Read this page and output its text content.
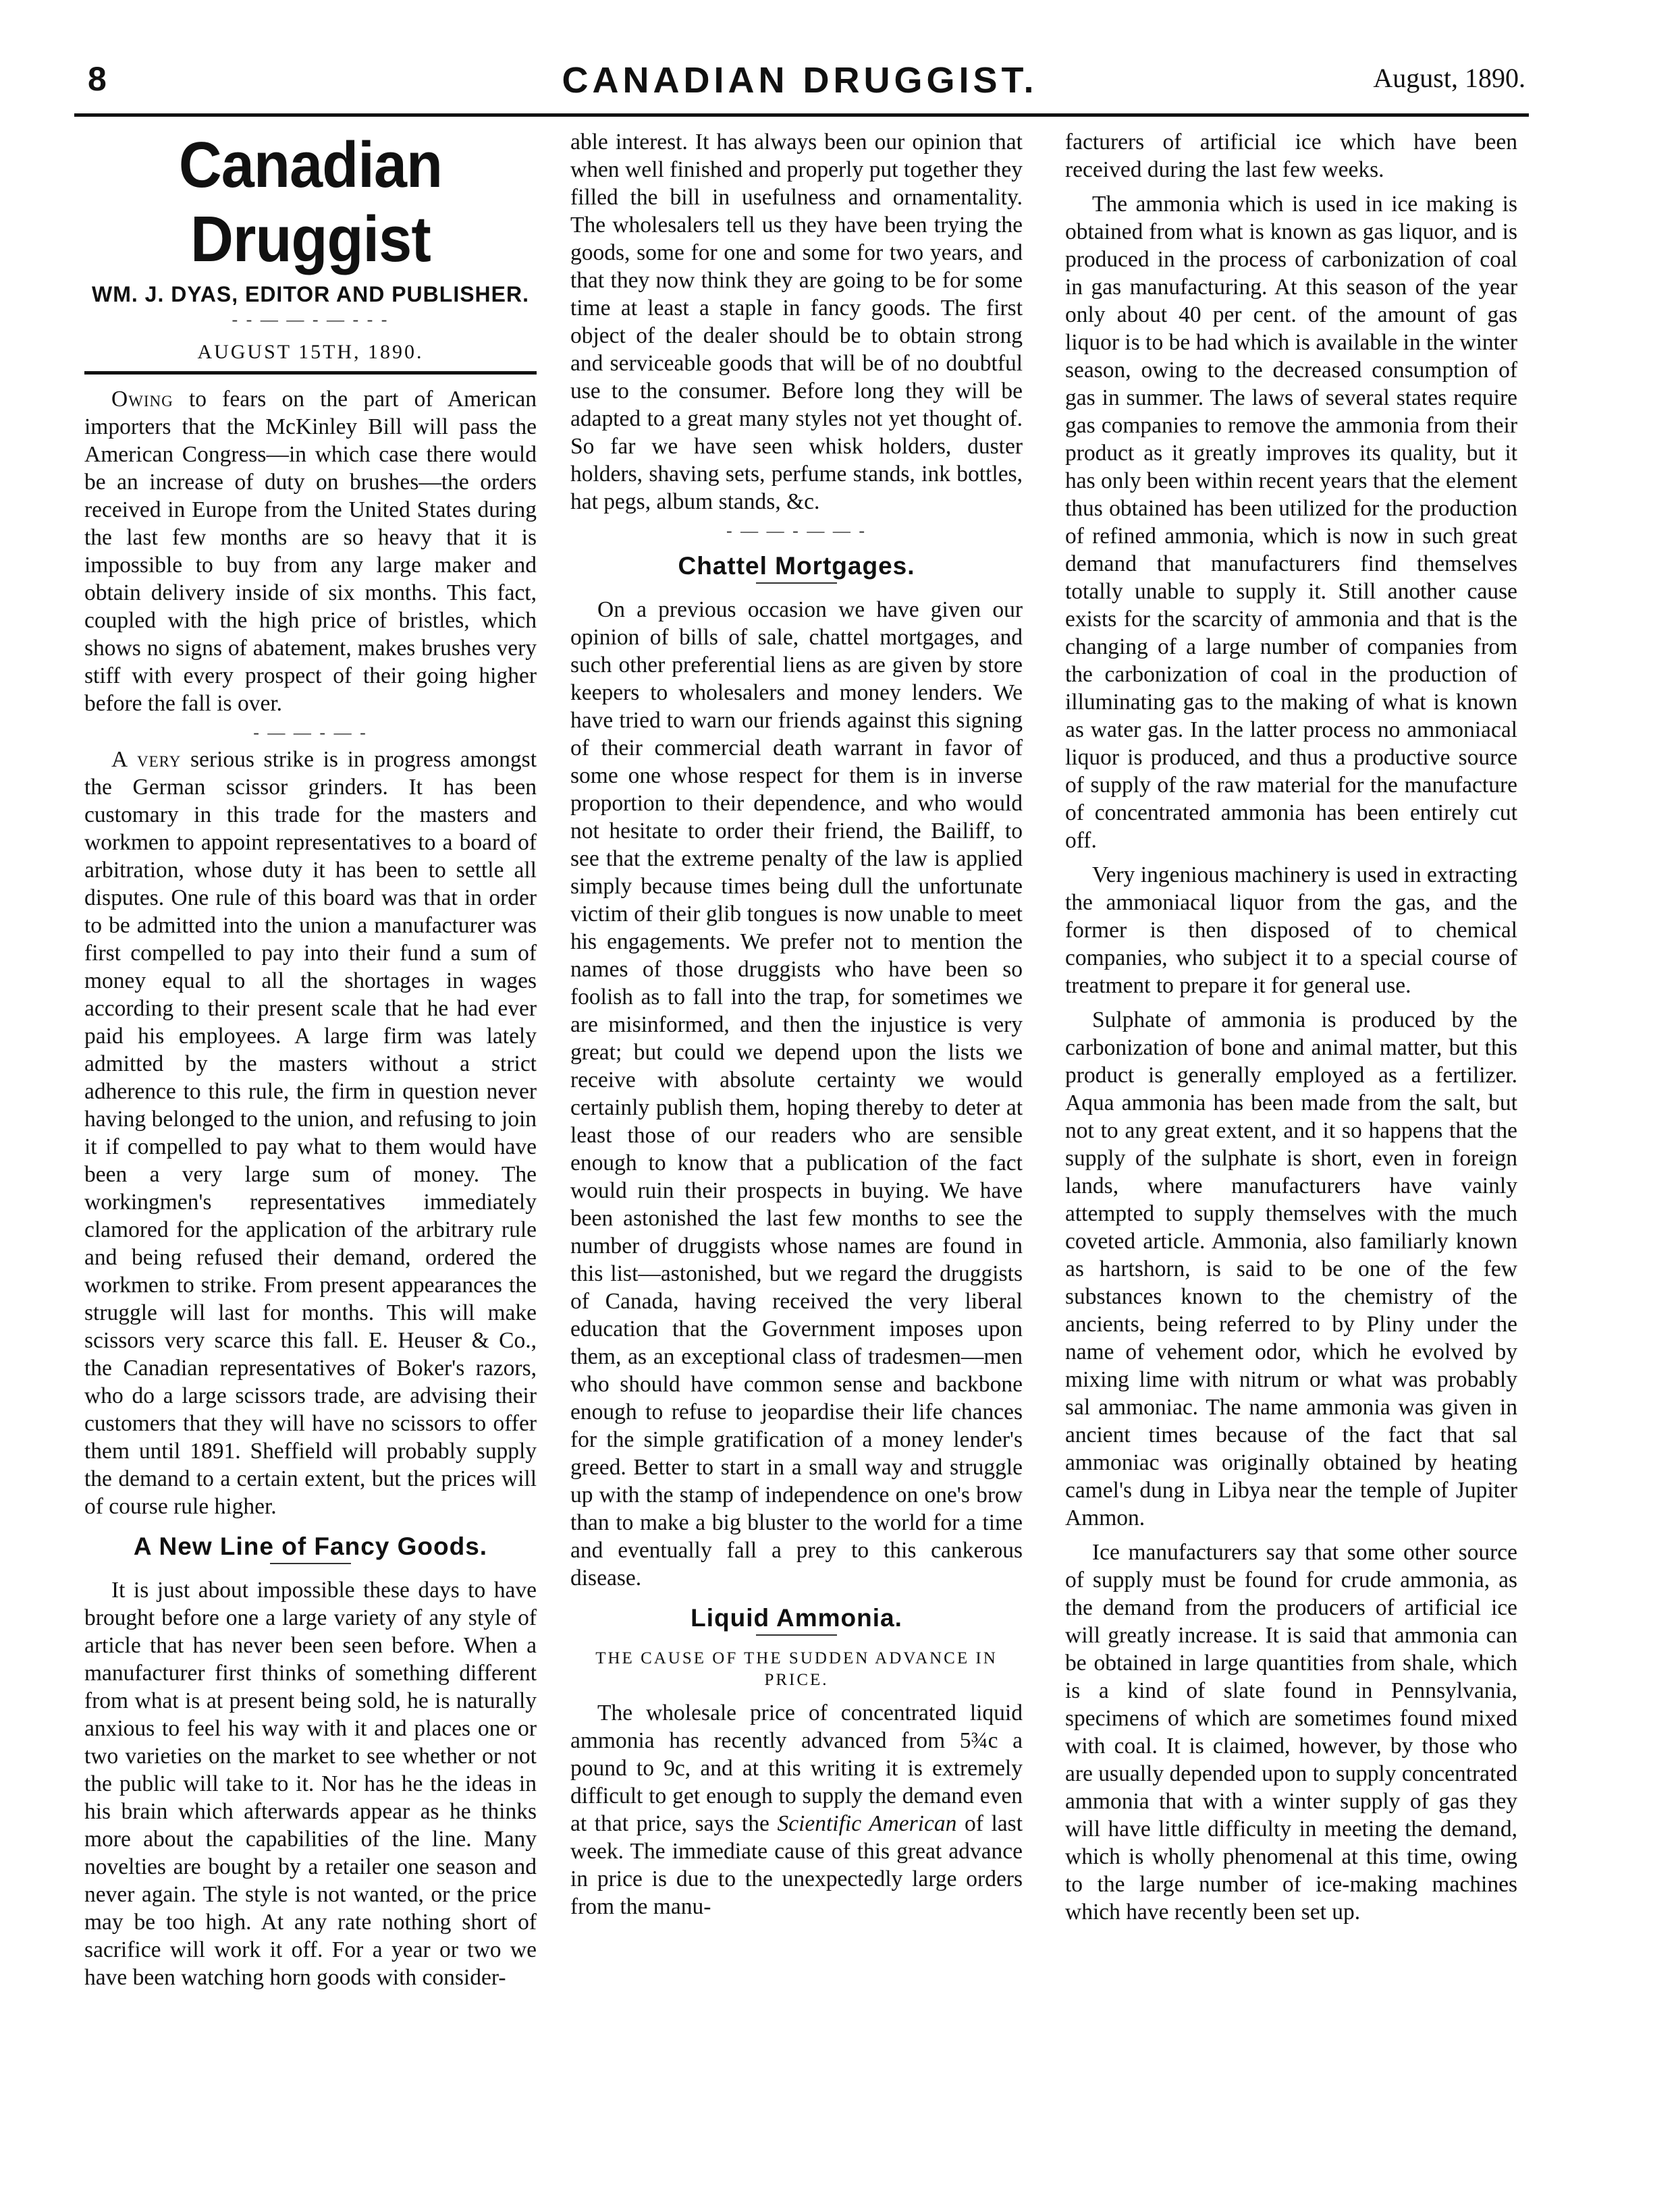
8	CANADIAN DRUGGIST.	August, 1890.
Canadian Druggist
WM. J. DYAS, EDITOR AND PUBLISHER.
- - — — - — - - -
AUGUST 15TH, 1890.

Owing to fears on the part of American importers that the McKinley Bill will pass the American Congress—in which case there would be an increase of duty on brushes—the orders received in Europe from the United States during the last few months are so heavy that it is impossible to buy from any large maker and obtain delivery inside of six months. This fact, coupled with the high price of bristles, which shows no signs of abatement, makes brushes very stiff with every prospect of their going higher before the fall is over.

- — — - — -

A very serious strike is in progress amongst the German scissor grinders. It has been customary in this trade for the masters and workmen to appoint representatives to a board of arbitration, whose duty it has been to settle all disputes. One rule of this board was that in order to be admitted into the union a manufacturer was first compelled to pay into their fund a sum of money equal to all the shortages in wages according to their present scale that he had ever paid his employees. A large firm was lately admitted by the masters without a strict adherence to this rule, the firm in question never having belonged to the union, and refusing to join it if compelled to pay what to them would have been a very large sum of money. The workingmen's representatives immediately clamored for the application of the arbitrary rule and being refused their demand, ordered the workmen to strike. From present appearances the struggle will last for months. This will make scissors very scarce this fall. E. Heuser & Co., the Canadian representatives of Boker's razors, who do a large scissors trade, are advising their customers that they will have no scissors to offer them until 1891. Sheffield will probably supply the demand to a certain extent, but the prices will of course rule higher.

A New Line of Fancy Goods.

It is just about impossible these days to have brought before one a large variety of any style of article that has never been seen before. When a manufacturer first thinks of something different from what is at present being sold, he is naturally anxious to feel his way with it and places one or two varieties on the market to see whether or not the public will take to it. Nor has he the ideas in his brain which afterwards appear as he thinks more about the capabilities of the line. Many novelties are bought by a retailer one season and never again. The style is not wanted, or the price may be too high. At any rate nothing short of sacrifice will work it off. For a year or two we have been watching horn goods with consider-

able interest. It has always been our opinion that when well finished and properly put together they filled the bill in usefulness and ornamentality. The wholesalers tell us they have been trying the goods, some for one and some for two years, and that they now think they are going to be for some time at least a staple in fancy goods. The first object of the dealer should be to obtain strong and serviceable goods that will be of no doubtful use to the consumer. Before long they will be adapted to a great many styles not yet thought of. So far we have seen whisk holders, duster holders, shaving sets, perfume stands, ink bottles, hat pegs, album stands, &c.

- — — - — — -
Chattel Mortgages.

On a previous occasion we have given our opinion of bills of sale, chattel mortgages, and such other preferential liens as are given by store keepers to wholesalers and money lenders. We have tried to warn our friends against this signing of their commercial death warrant in favor of some one whose respect for them is in inverse proportion to their dependence, and who would not hesitate to order their friend, the Bailiff, to see that the extreme penalty of the law is applied simply because times being dull the unfortunate victim of their glib tongues is now unable to meet his engagements. We prefer not to mention the names of those druggists who have been so foolish as to fall into the trap, for sometimes we are misinformed, and then the injustice is very great; but could we depend upon the lists we receive with absolute certainty we would certainly publish them, hoping thereby to deter at least those of our readers who are sensible enough to know that a publication of the fact would ruin their prospects in buying. We have been astonished the last few months to see the number of druggists whose names are found in this list—astonished, but we regard the druggists of Canada, having received the very liberal education that the Government imposes upon them, as an exceptional class of tradesmen—men who should have common sense and backbone enough to refuse to jeopardise their life chances for the simple gratification of a money lender's greed. Better to start in a small way and struggle up with the stamp of independence on one's brow than to make a big bluster to the world for a time and eventually fall a prey to this cankerous disease.

Liquid Ammonia.
THE CAUSE OF THE SUDDEN ADVANCE IN PRICE.

The wholesale price of concentrated liquid ammonia has recently advanced from 5¾c a pound to 9c, and at this writing it is extremely difficult to get enough to supply the demand even at that price, says the Scientific American of last week. The immediate cause of this great advance in price is due to the unexpectedly large orders from the manu-

facturers of artificial ice which have been received during the last few weeks.

The ammonia which is used in ice making is obtained from what is known as gas liquor, and is produced in the process of carbonization of coal in gas manufacturing. At this season of the year only about 40 per cent. of the amount of gas liquor is to be had which is available in the winter season, owing to the decreased consumption of gas in summer. The laws of several states require gas companies to remove the ammonia from their product as it greatly improves its quality, but it has only been within recent years that the element thus obtained has been utilized for the production of refined ammonia, which is now in such great demand that manufacturers find themselves totally unable to supply it. Still another cause exists for the scarcity of ammonia and that is the changing of a large number of companies from the carbonization of coal in the production of illuminating gas to the making of what is known as water gas. In the latter process no ammoniacal liquor is produced, and thus a productive source of supply of the raw material for the manufacture of concentrated ammonia has been entirely cut off.

Very ingenious machinery is used in extracting the ammoniacal liquor from the gas, and the former is then disposed of to chemical companies, who subject it to a special course of treatment to prepare it for general use.

Sulphate of ammonia is produced by the carbonization of bone and animal matter, but this product is generally employed as a fertilizer. Aqua ammonia has been made from the salt, but not to any great extent, and it so happens that the supply of the sulphate is short, even in foreign lands, where manufacturers have vainly attempted to supply themselves with the much coveted article. Ammonia, also familiarly known as hartshorn, is said to be one of the few substances known to the chemistry of the ancients, being referred to by Pliny under the name of vehement odor, which he evolved by mixing lime with nitrum or what was probably sal ammoniac. The name ammonia was given in ancient times because of the fact that sal ammoniac was originally obtained by heating camel's dung in Libya near the temple of Jupiter Ammon.

Ice manufacturers say that some other source of supply must be found for crude ammonia, as the demand from the producers of artificial ice will greatly increase. It is said that ammonia can be obtained in large quantities from shale, which is a kind of slate found in Pennsylvania, specimens of which are sometimes found mixed with coal. It is claimed, however, by those who are usually depended upon to supply concentrated ammonia that with a winter supply of gas they will have little difficulty in meeting the demand, which is wholly phenomenal at this time, owing to the large number of ice-making machines which have recently been set up.
